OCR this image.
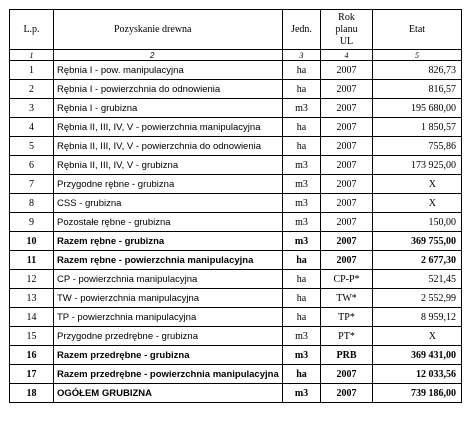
L.p.	Pozyskanie drewna	Jedn.	Rok planu UL	Etat
1	2	3	4	5
1	Rębnia I - pow. manipulacyjna	ha	2007	826,73
2	Rębnia I - powierzchnia do odnowienia	ha	2007	816,57
3	Rębnia I - grubizna	m3	2007	195 680,00
4	Rębnia II, III, IV, V - powierzchnia manipulacyjna	ha	2007	1 850,57
5	Rębnia II, III, IV, V - powierzchnia do odnowienia	ha	2007	755,86
6	Rębnia II, III, IV, V - grubizna	m3	2007	173 925,00
7	Przygodne rębne - grubizna	m3	2007	X
8	CSS - grubizna	m3	2007	X
9	Pozostałe rębne - grubizna	m3	2007	150,00
10	Razem rębne - grubizna	m3	2007	369 755,00
11	Razem rębne - powierzchnia manipulacyjna	ha	2007	2 677,30
12	CP - powierzchnia manipulacyjna	ha	CP-P*	521,45
13	TW - powierzchnia manipulacyjna	ha	TW*	2 552,99
14	TP - powierzchnia manipulacyjna	ha	TP*	8 959,12
15	Przygodne przedrębne - grubizna	m3	PT*	X
16	Razem przedrębne - grubizna	m3	PRB	369 431,00
17	Razem przedrębne - powierzchnia manipulacyjna	ha	2007	12 033,56
18	OGÓŁEM GRUBIZNA	m3	2007	739 186,00
